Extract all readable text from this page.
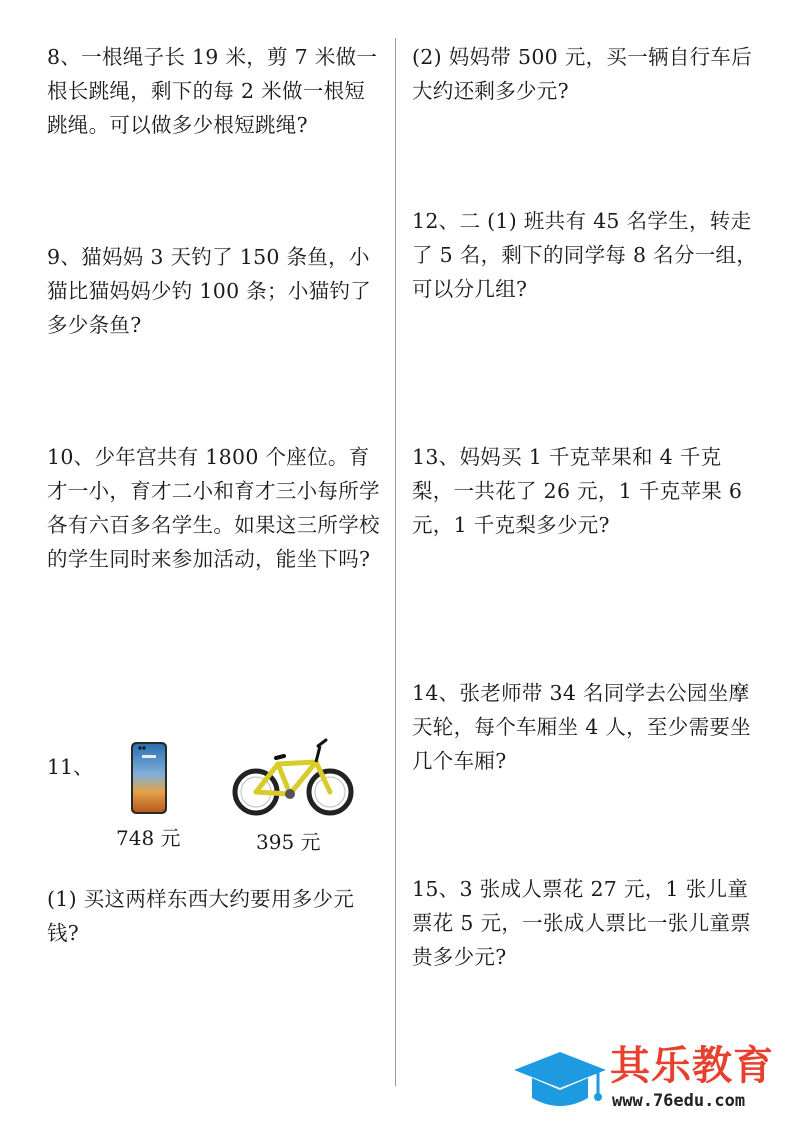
8、一根绳子长 19 米，剪 7 米做一根长跳绳，剩下的每 2 米做一根短跳绳。可以做多少根短跳绳?

9、猫妈妈 3 天钓了 150 条鱼，小猫比猫妈妈少钓 100 条；小猫钓了多少条鱼?

10、少年宫共有 1800 个座位。育才一小，育才二小和育才三小每所学各有六百多名学生。如果这三所学校的学生同时来参加活动，能坐下吗?

11、
748 元	395 元

(1) 买这两样东西大约要用多少元钱?

(2) 妈妈带 500 元，买一辆自行车后大约还剩多少元?

12、二 (1) 班共有 45 名学生，转走了 5 名，剩下的同学每 8 名分一组，可以分几组?

13、妈妈买 1 千克苹果和 4 千克梨，一共花了 26 元，1 千克苹果 6 元，1 千克梨多少元?

14、张老师带 34 名同学去公园坐摩天轮，每个车厢坐 4 人，至少需要坐几个车厢?

15、3 张成人票花 27 元，1 张儿童票花 5 元，一张成人票比一张儿童票贵多少元?

其乐教育
www.76edu.com
